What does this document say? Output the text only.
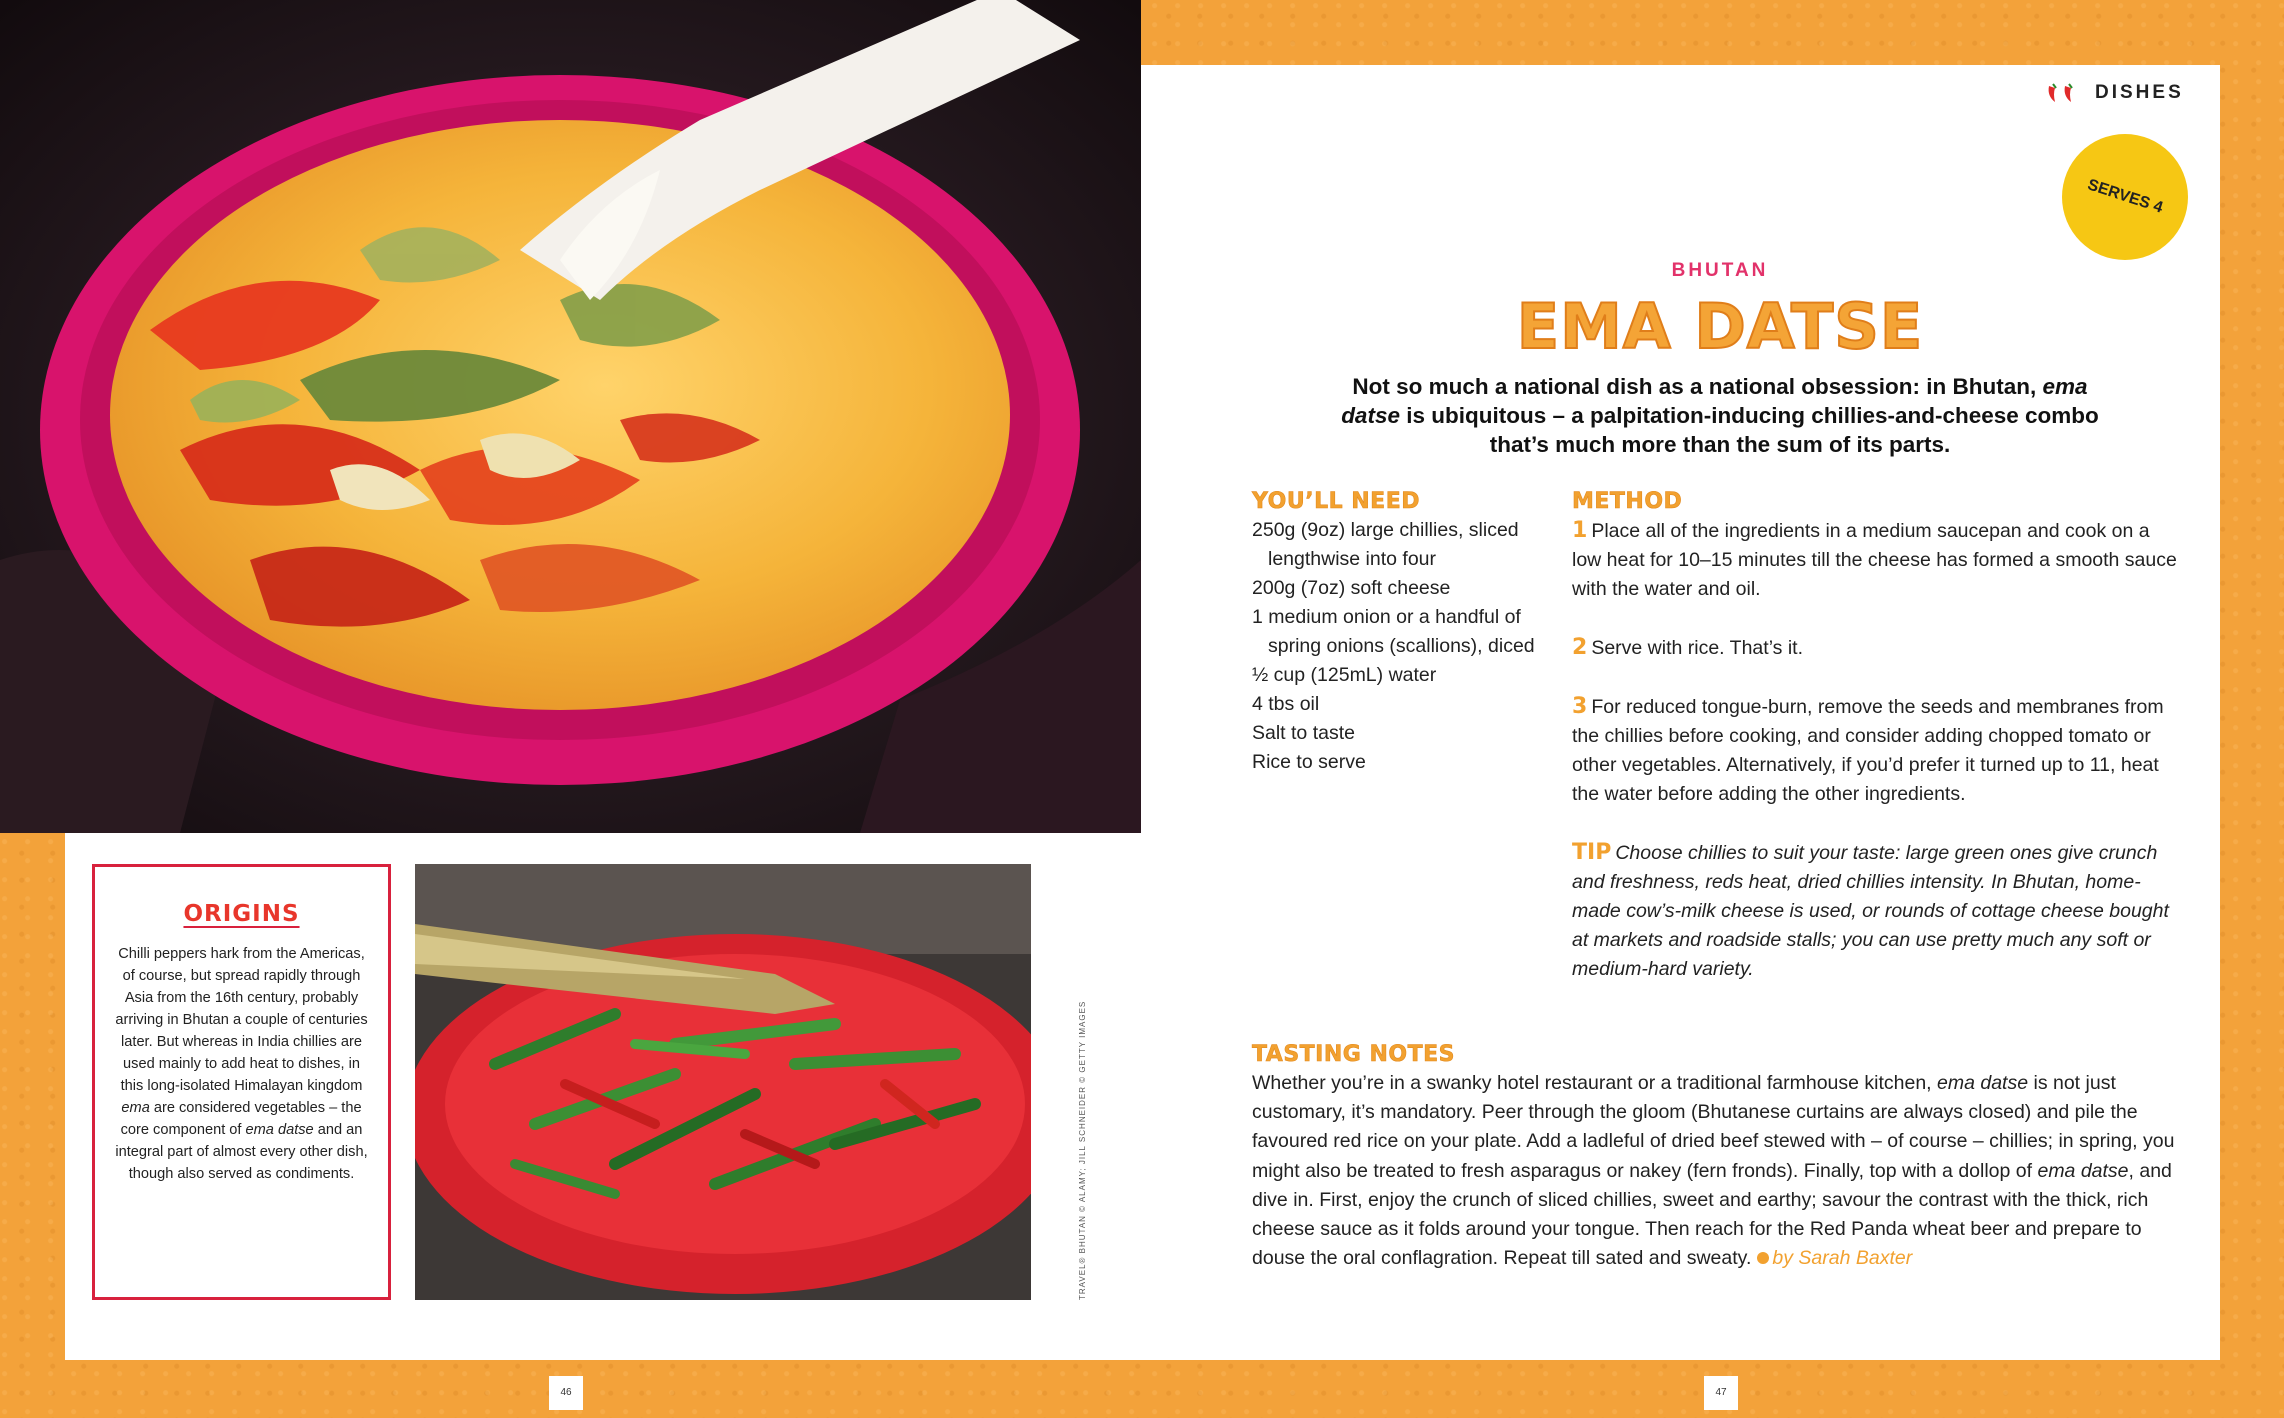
TRAVEL® BHUTAN © ALAMY; JILL SCHNEIDER © GETTY IMAGES
ORIGINS

Chilli peppers hark from the Americas, of course, but spread rapidly through Asia from the 16th century, probably arriving in Bhutan a couple of centuries later. But whereas in India chillies are used mainly to add heat to dishes, in this long-isolated Himalayan kingdom ema are considered vegetables – the core component of ema datse and an integral part of almost every other dish, though also served as condiments.

DISHES
SERVES 4
BHUTAN
EMA DATSE
Not so much a national dish as a national obsession: in Bhutan, ema datse is ubiquitous – a palpitation-inducing chillies-and-cheese combo that’s much more than the sum of its parts.
YOU’LL NEED
250g (9oz) large chillies, sliced lengthwise into four
200g (7oz) soft cheese
1 medium onion or a handful of spring onions (scallions), diced
½ cup (125mL) water
4 tbs oil
Salt to taste
Rice to serve
METHOD
1 Place all of the ingredients in a medium saucepan and cook on a low heat for 10–15 minutes till the cheese has formed a smooth sauce with the water and oil.
2 Serve with rice. That’s it.
3 For reduced tongue-burn, remove the seeds and membranes from the chillies before cooking, and consider adding chopped tomato or other vegetables. Alternatively, if you’d prefer it turned up to 11, heat the water before adding the other ingredients.
TIP Choose chillies to suit your taste: large green ones give crunch and freshness, reds heat, dried chillies intensity. In Bhutan, home-made cow’s-milk cheese is used, or rounds of cottage cheese bought at markets and roadside stalls; you can use pretty much any soft or medium-hard variety.
TASTING NOTES

Whether you’re in a swanky hotel restaurant or a traditional farmhouse kitchen, ema datse is not just customary, it’s mandatory. Peer through the gloom (Bhutanese curtains are always closed) and pile the favoured red rice on your plate. Add a ladleful of dried beef stewed with – of course – chillies; in spring, you might also be treated to fresh asparagus or nakey (fern fronds). Finally, top with a dollop of ema datse, and dive in. First, enjoy the crunch of sliced chillies, sweet and earthy; savour the contrast with the thick, rich cheese sauce as it folds around your tongue. Then reach for the Red Panda wheat beer and prepare to douse the oral conflagration. Repeat till sated and sweaty. by Sarah Baxter

46	47
